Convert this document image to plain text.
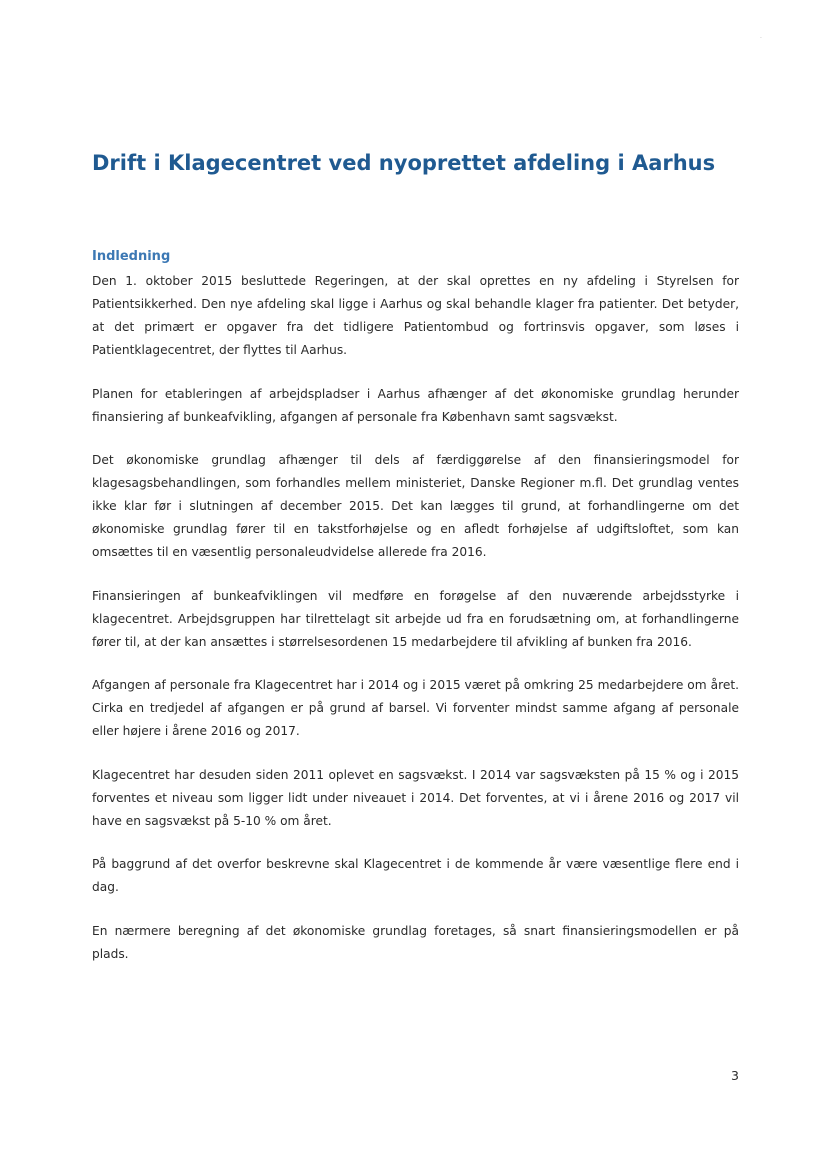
.
Drift i Klagecentret ved nyoprettet afdeling i Aarhus
Indledning

Den 1. oktober 2015 besluttede Regeringen, at der skal oprettes en ny afdeling i Styrelsen for Patientsikkerhed. Den nye afdeling skal ligge i Aarhus og skal behandle klager fra patienter. Det betyder, at det primært er opgaver fra det tidligere Patientombud og fortrinsvis opgaver, som løses i Patientklagecentret, der flyttes til Aarhus.

Planen for etableringen af arbejdspladser i Aarhus afhænger af det økonomiske grundlag herunder finansiering af bunkeafvikling, afgangen af personale fra København samt sagsvækst.

Det økonomiske grundlag afhænger til dels af færdiggørelse af den finansieringsmodel for klagesagsbehandlingen, som forhandles mellem ministeriet, Danske Regioner m.fl. Det grundlag ventes ikke klar før i slutningen af december 2015. Det kan lægges til grund, at forhandlingerne om det økonomiske grundlag fører til en takstforhøjelse og en afledt forhøjelse af udgiftsloftet, som kan omsættes til en væsentlig personaleudvidelse allerede fra 2016.

Finansieringen af bunkeafviklingen vil medføre en forøgelse af den nuværende arbejdsstyrke i klagecentret. Arbejdsgruppen har tilrettelagt sit arbejde ud fra en forudsætning om, at forhandlingerne fører til, at der kan ansættes i størrelsesordenen 15 medarbejdere til afvikling af bunken fra 2016.

Afgangen af personale fra Klagecentret har i 2014 og i 2015 været på omkring 25 medarbejdere om året. Cirka en tredjedel af afgangen er på grund af barsel. Vi forventer mindst samme afgang af personale eller højere i årene 2016 og 2017.

Klagecentret har desuden siden 2011 oplevet en sagsvækst. I 2014 var sagsvæksten på 15 % og i 2015 forventes et niveau som ligger lidt under niveauet i 2014. Det forventes, at vi i årene 2016 og 2017 vil have en sagsvækst på 5-10 % om året.

På baggrund af det overfor beskrevne skal Klagecentret i de kommende år være væsentlige flere end i dag.

En nærmere beregning af det økonomiske grundlag foretages, så snart finansieringsmodellen er på plads.

3
